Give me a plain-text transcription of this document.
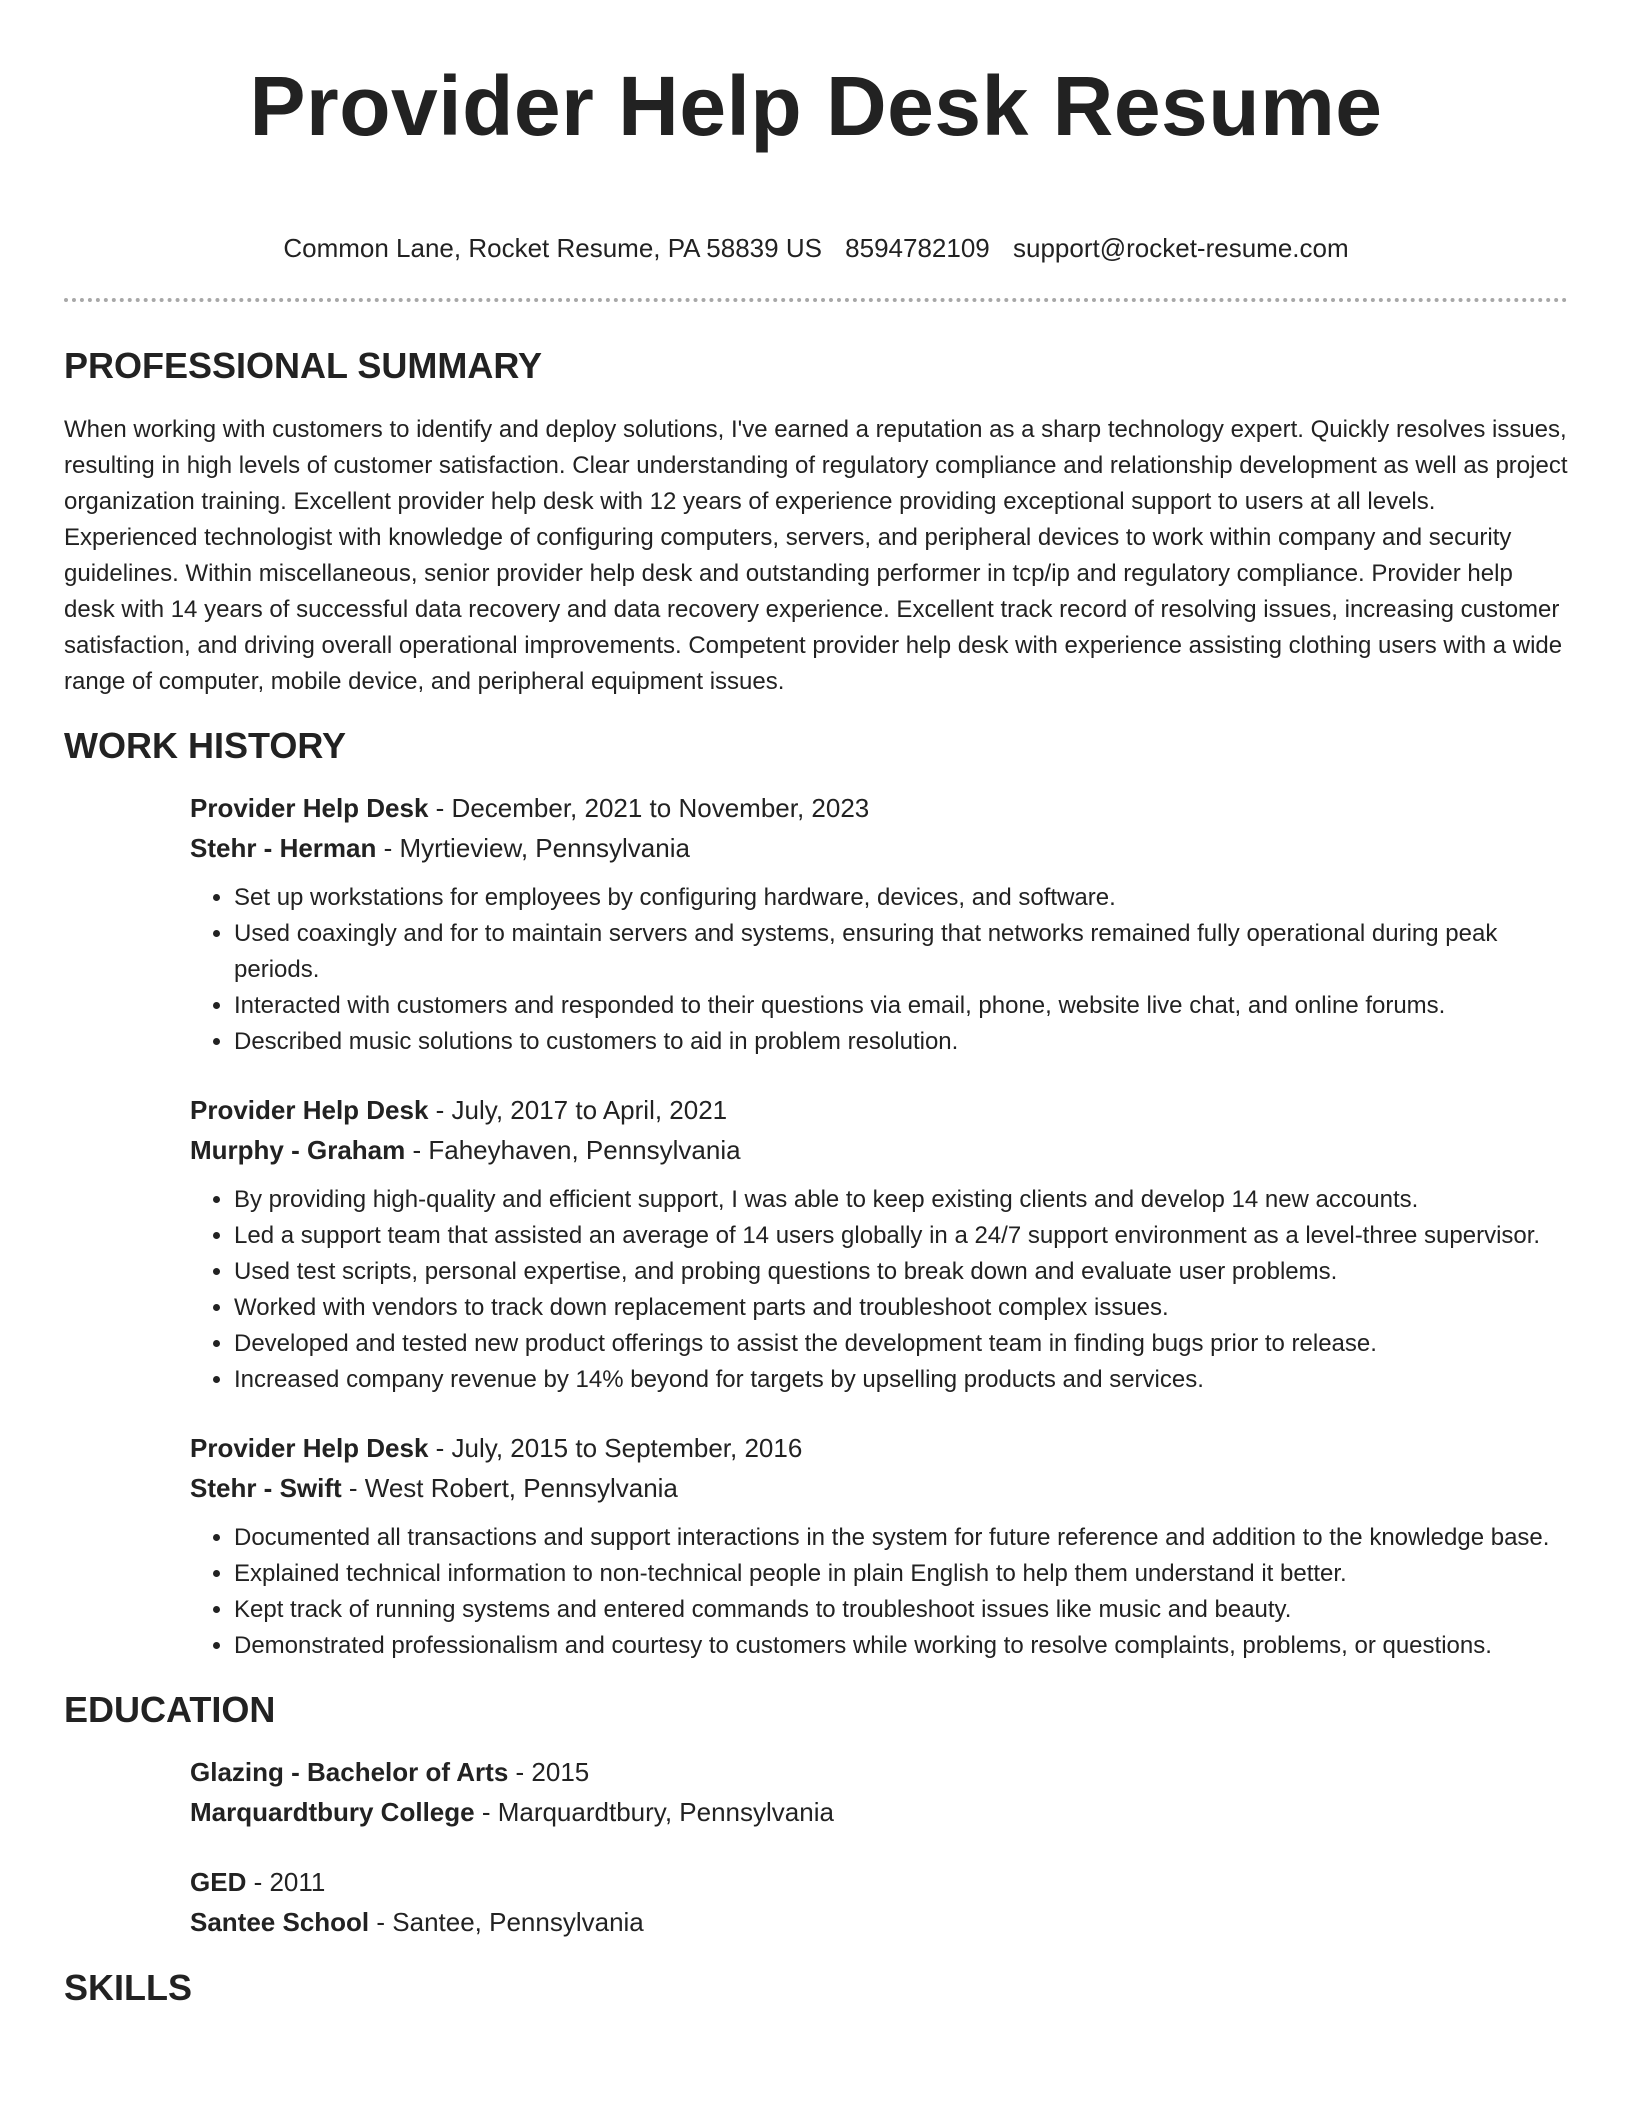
Provider Help Desk Resume
Common Lane, Rocket Resume, PA 58839 US 8594782109 support@rocket-resume.com
PROFESSIONAL SUMMARY

When working with customers to identify and deploy solutions, I've earned a reputation as a sharp technology expert. Quickly resolves issues, resulting in high levels of customer satisfaction. Clear understanding of regulatory compliance and relationship development as well as project organization training. Excellent provider help desk with 12 years of experience providing exceptional support to users at all levels. Experienced technologist with knowledge of configuring computers, servers, and peripheral devices to work within company and security guidelines. Within miscellaneous, senior provider help desk and outstanding performer in tcp/ip and regulatory compliance. Provider help desk with 14 years of successful data recovery and data recovery experience. Excellent track record of resolving issues, increasing customer satisfaction, and driving overall operational improvements. Competent provider help desk with experience assisting clothing users with a wide range of computer, mobile device, and peripheral equipment issues.

WORK HISTORY

Provider Help Desk - December, 2021 to November, 2023

Stehr - Herman - Myrtieview, Pennsylvania

• Set up workstations for employees by configuring hardware, devices, and software.
• Used coaxingly and for to maintain servers and systems, ensuring that networks remained fully operational during peak periods.
• Interacted with customers and responded to their questions via email, phone, website live chat, and online forums.
• Described music solutions to customers to aid in problem resolution.

Provider Help Desk - July, 2017 to April, 2021

Murphy - Graham - Faheyhaven, Pennsylvania

• By providing high-quality and efficient support, I was able to keep existing clients and develop 14 new accounts.
• Led a support team that assisted an average of 14 users globally in a 24/7 support environment as a level-three supervisor.
• Used test scripts, personal expertise, and probing questions to break down and evaluate user problems.
• Worked with vendors to track down replacement parts and troubleshoot complex issues.
• Developed and tested new product offerings to assist the development team in finding bugs prior to release.
• Increased company revenue by 14% beyond for targets by upselling products and services.

Provider Help Desk - July, 2015 to September, 2016

Stehr - Swift - West Robert, Pennsylvania

• Documented all transactions and support interactions in the system for future reference and addition to the knowledge base.
• Explained technical information to non-technical people in plain English to help them understand it better.
• Kept track of running systems and entered commands to troubleshoot issues like music and beauty.
• Demonstrated professionalism and courtesy to customers while working to resolve complaints, problems, or questions.
EDUCATION

Glazing - Bachelor of Arts - 2015

Marquardtbury College - Marquardtbury, Pennsylvania

GED - 2011

Santee School - Santee, Pennsylvania

SKILLS
